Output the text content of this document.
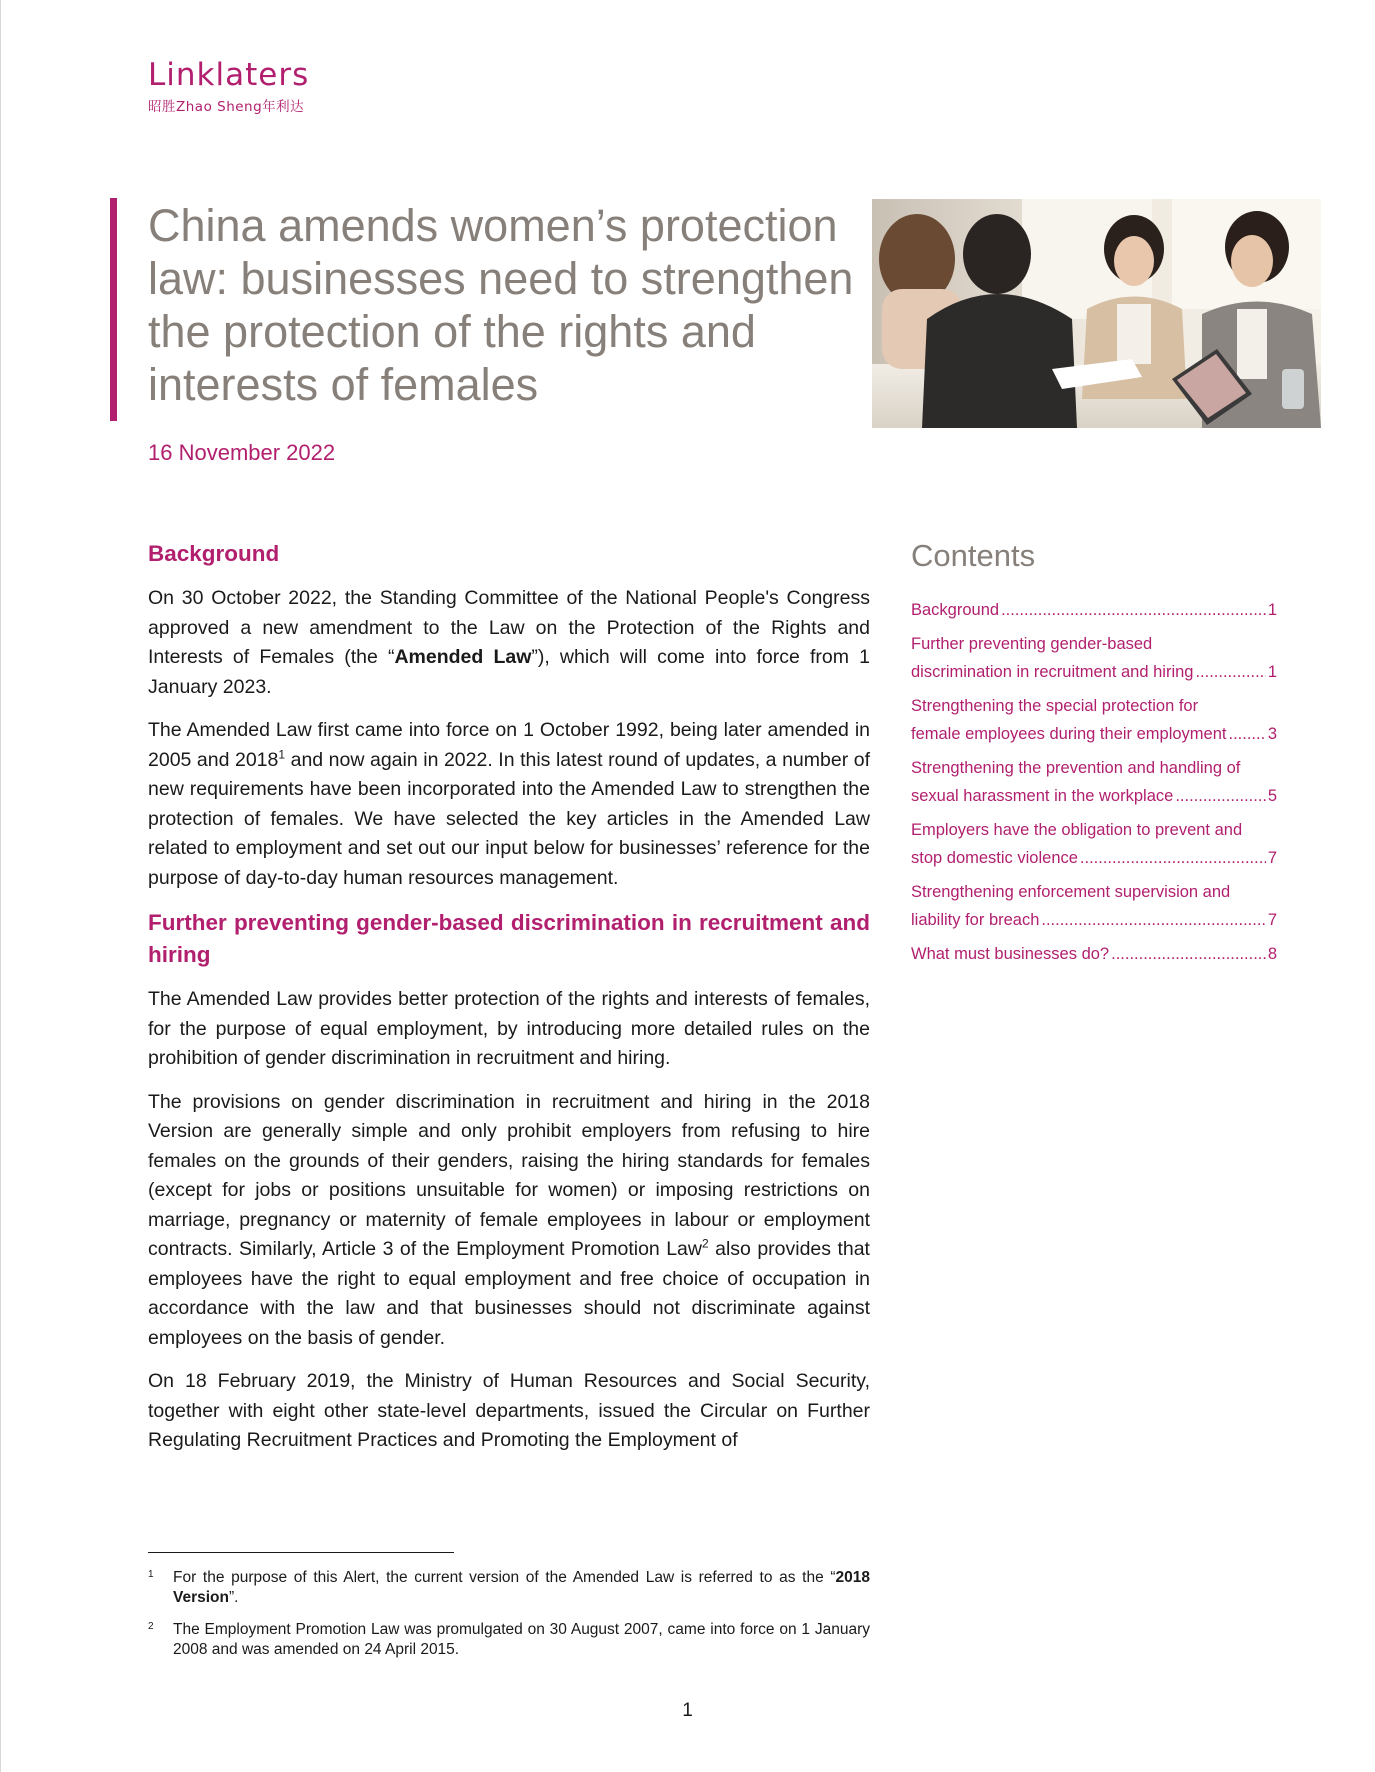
Linklaters
昭胜Zhao Sheng年利达
China amends women’s protection law: businesses need to strengthen the protection of the rights and interests of females
16 November 2022
Background

On 30 October 2022, the Standing Committee of the National People's Congress approved a new amendment to the Law on the Protection of the Rights and Interests of Females (the “Amended Law”), which will come into force from 1 January 2023.

The Amended Law first came into force on 1 October 1992, being later amended in 2005 and 2018$^1$ and now again in 2022. In this latest round of updates, a number of new requirements have been incorporated into the Amended Law to strengthen the protection of females. We have selected the key articles in the Amended Law related to employment and set out our input below for businesses’ reference for the purpose of day-to-day human resources management.

Further preventing gender-based discrimination in recruitment and hiring

The Amended Law provides better protection of the rights and interests of females, for the purpose of equal employment, by introducing more detailed rules on the prohibition of gender discrimination in recruitment and hiring.

The provisions on gender discrimination in recruitment and hiring in the 2018 Version are generally simple and only prohibit employers from refusing to hire females on the grounds of their genders, raising the hiring standards for females (except for jobs or positions unsuitable for women) or imposing restrictions on marriage, pregnancy or maternity of female employees in labour or employment contracts. Similarly, Article 3 of the Employment Promotion Law$^2$ also provides that employees have the right to equal employment and free choice of occupation in accordance with the law and that businesses should not discriminate against employees on the basis of gender.

On 18 February 2019, the Ministry of Human Resources and Social Security, together with eight other state-level departments, issued the Circular on Further Regulating Recruitment Practices and Promoting the Employment of

Contents
Background .....	1
Further preventing gender-based
discrimination in recruitment and hiring .....	1
Strengthening the special protection for
female employees during their employment .....	3
Strengthening the prevention and handling of
sexual harassment in the workplace .....	5
Employers have the obligation to prevent and
stop domestic violence .....	7
Strengthening enforcement supervision and
liability for breach .....	7
What must businesses do? .....	8
1	For the purpose of this Alert, the current version of the Amended Law is referred to as the “2018 Version”.
2	The Employment Promotion Law was promulgated on 30 August 2007, came into force on 1 January 2008 and was amended on 24 April 2015.
1
